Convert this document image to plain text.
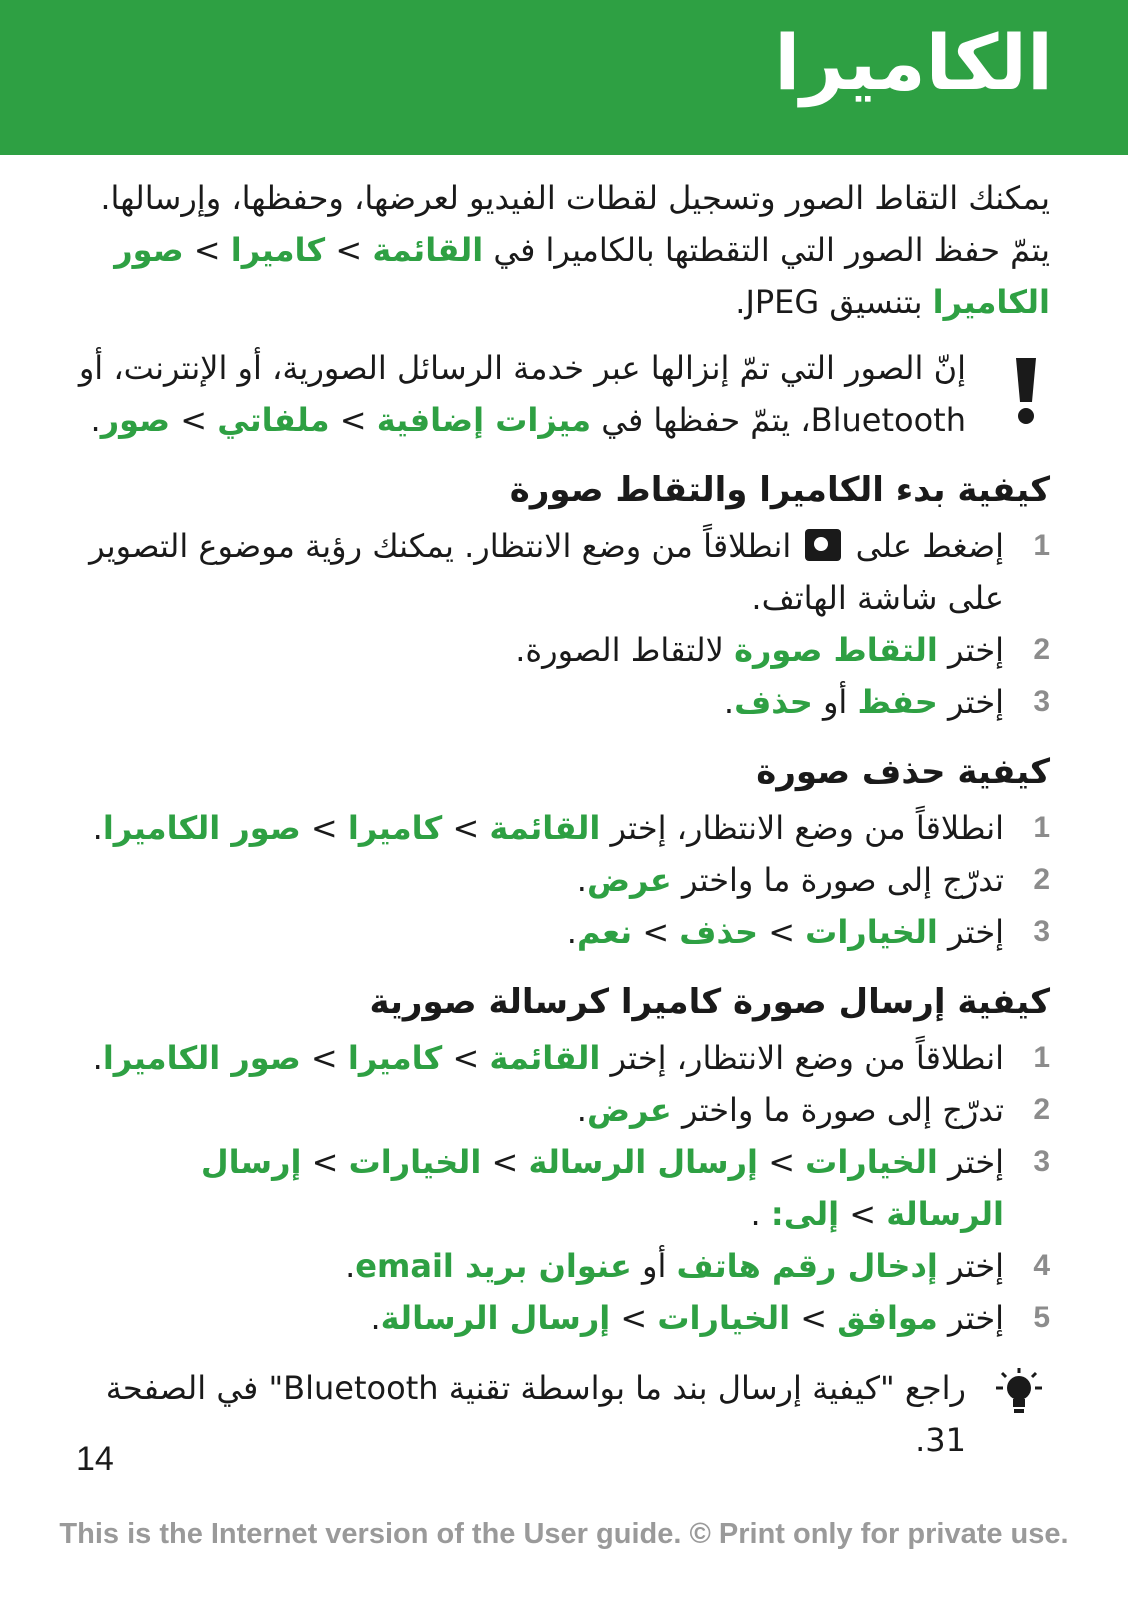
الكاميرا

يمكنك التقاط الصور وتسجيل لقطات الفيديو لعرضها، وحفظها، وإرسالها.

يتمّ حفظ الصور التي التقطتها بالكاميرا في القائمة > كاميرا > صور الكاميرا بتنسيق JPEG.

إنّ الصور التي تمّ إنزالها عبر خدمة الرسائل الصورية، أو الإنترنت، أو Bluetooth، يتمّ حفظها في ميزات إضافية > ملفاتي > صور.

كيفية بدء الكاميرا والتقاط صورة
1

إضغط على  انطلاقاً من وضع الانتظار. يمكنك رؤية موضوع التصوير على شاشة الهاتف.

2

إختر التقاط صورة لالتقاط الصورة.

3

إختر حفظ أو حذف.

كيفية حذف صورة
1

انطلاقاً من وضع الانتظار، إختر القائمة > كاميرا > صور الكاميرا.

2

تدرّج إلى صورة ما واختر عرض.

3

إختر الخيارات > حذف > نعم.

كيفية إرسال صورة كاميرا كرسالة صورية
1

انطلاقاً من وضع الانتظار، إختر القائمة > كاميرا > صور الكاميرا.

2

تدرّج إلى صورة ما واختر عرض.

3

إختر الخيارات > إرسال الرسالة > الخيارات > إرسال الرسالة > إلى: .

4

إختر إدخال رقم هاتف أو عنوان بريد email.

5

إختر موافق > الخيارات > إرسال الرسالة.

راجع "كيفية إرسال بند ما بواسطة تقنية Bluetooth" في الصفحة 31.

14
This is the Internet version of the User guide. © Print only for private use.
